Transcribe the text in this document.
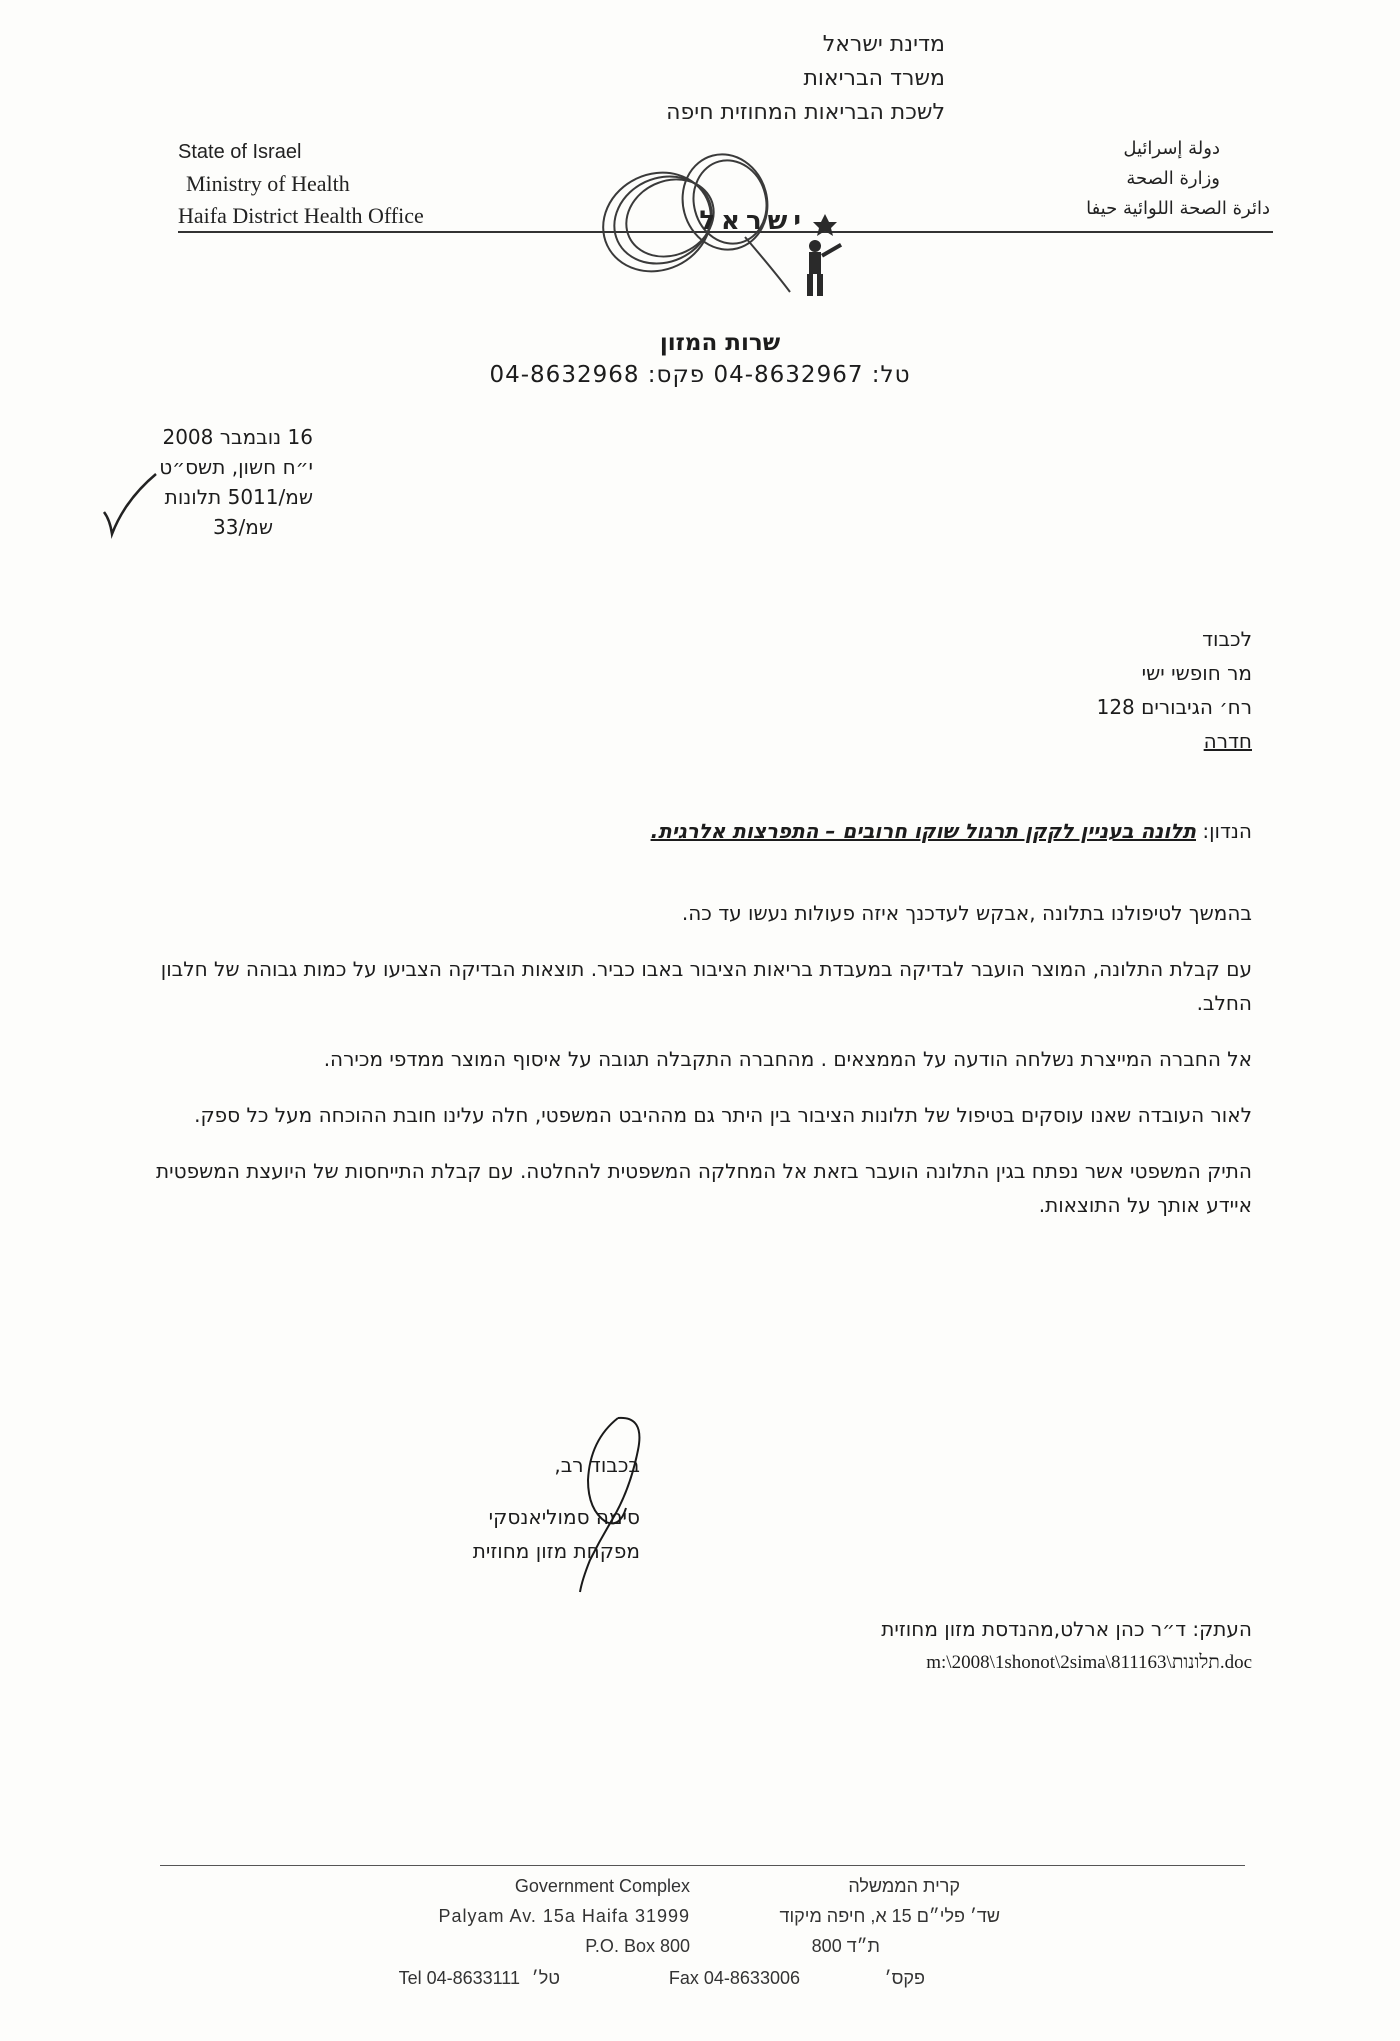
מדינת ישראל
משרד הבריאות
לשכת הבריאות המחוזית חיפה
State of Israel
Ministry of Health
Haifa District Health Office
دولة إسرائيل
وزارة الصحة
دائرة الصحة اللوائية حيفا
ישראל
שרות המזון
טל: 04-8632967 פקס: 04-8632968
16 נובמבר 2008
י״ח חשון, תשס״ט
שמ/5011 תלונות
שמ/33
לכבוד
מר חופשי ישי
רח׳ הגיבורים 128
חדרה
הנדון: תלונה בעניין לקקן תרגול שוקו חרובים – התפרצות אלרגית.

בהמשך לטיפולנו בתלונה ,אבקש לעדכנך איזה פעולות נעשו עד כה.

עם קבלת התלונה, המוצר הועבר לבדיקה במעבדת בריאות הציבור באבו כביר. תוצאות הבדיקה הצביעו על כמות גבוהה של חלבון החלב.

אל החברה המייצרת נשלחה הודעה על הממצאים . מהחברה התקבלה תגובה על איסוף המוצר ממדפי מכירה.

לאור העובדה שאנו עוסקים בטיפול של תלונות הציבור בין היתר גם מההיבט המשפטי, חלה עלינו חובת ההוכחה מעל כל ספק.

התיק המשפטי אשר נפתח בגין התלונה הועבר בזאת אל המחלקה המשפטית להחלטה. עם קבלת התייחסות של היועצת המשפטית איידע אותך על התוצאות.

בכבוד רב,
סימה סמוליאנסקי
מפקחת מזון מחוזית
העתק: ד״ר כהן ארלט,מהנדסת מזון מחוזית
m:\2008\1shonot\2sima\811163\תלונות.doc
Government Complex	קרית הממשלה
Palyam Av. 15a Haifa 31999	שד׳ פלי״ם 15 א, חיפה מיקוד
P.O. Box 800	ת״ד 800
Tel 04-8633111 טל׳	Fax 04-8633006	פקס׳
